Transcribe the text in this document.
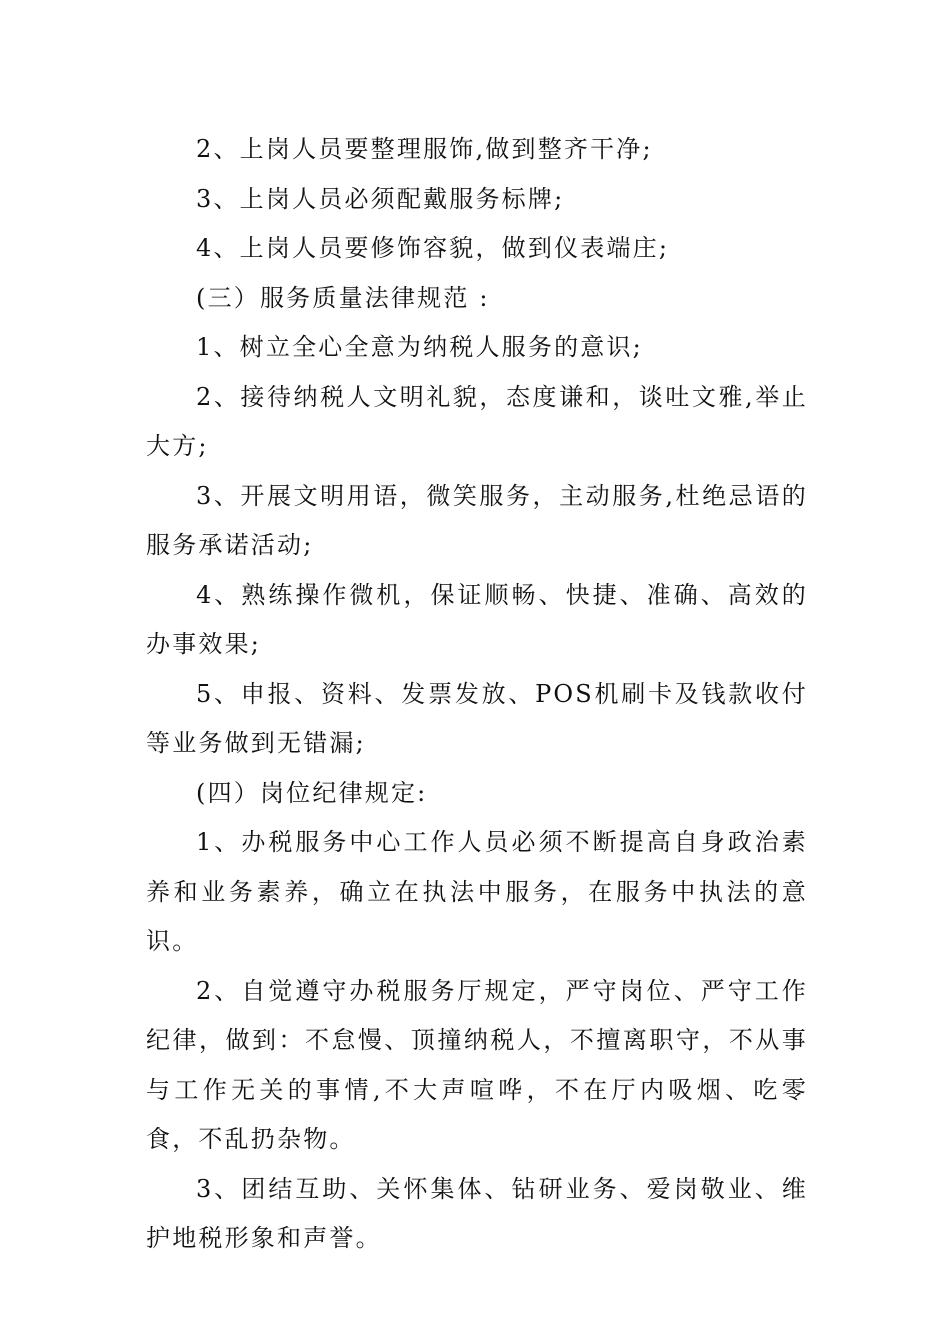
2、上岗人员要整理服饰,做到整齐干净;

3、上岗人员必须配戴服务标牌;

4、上岗人员要修饰容貌，做到仪表端庄;

(三）服务质量法律规范 :

1、树立全心全意为纳税人服务的意识;

2、接待纳税人文明礼貌，态度谦和，谈吐文雅,举止大方;

3、开展文明用语，微笑服务，主动服务,杜绝忌语的服务承诺活动;

4、熟练操作微机，保证顺畅、快捷、准确、高效的办事效果;

5、申报、资料、发票发放、POS机刷卡及钱款收付等业务做到无错漏;

(四）岗位纪律规定:

1、办税服务中心工作人员必须不断提高自身政治素养和业务素养，确立在执法中服务，在服务中执法的意识。

2、自觉遵守办税服务厅规定，严守岗位、严守工作纪律，做到：不怠慢、顶撞纳税人，不擅离职守，不从事与工作无关的事情,不大声喧哗，不在厅内吸烟、吃零食，不乱扔杂物。

3、团结互助、关怀集体、钻研业务、爱岗敬业、维护地税形象和声誉。
